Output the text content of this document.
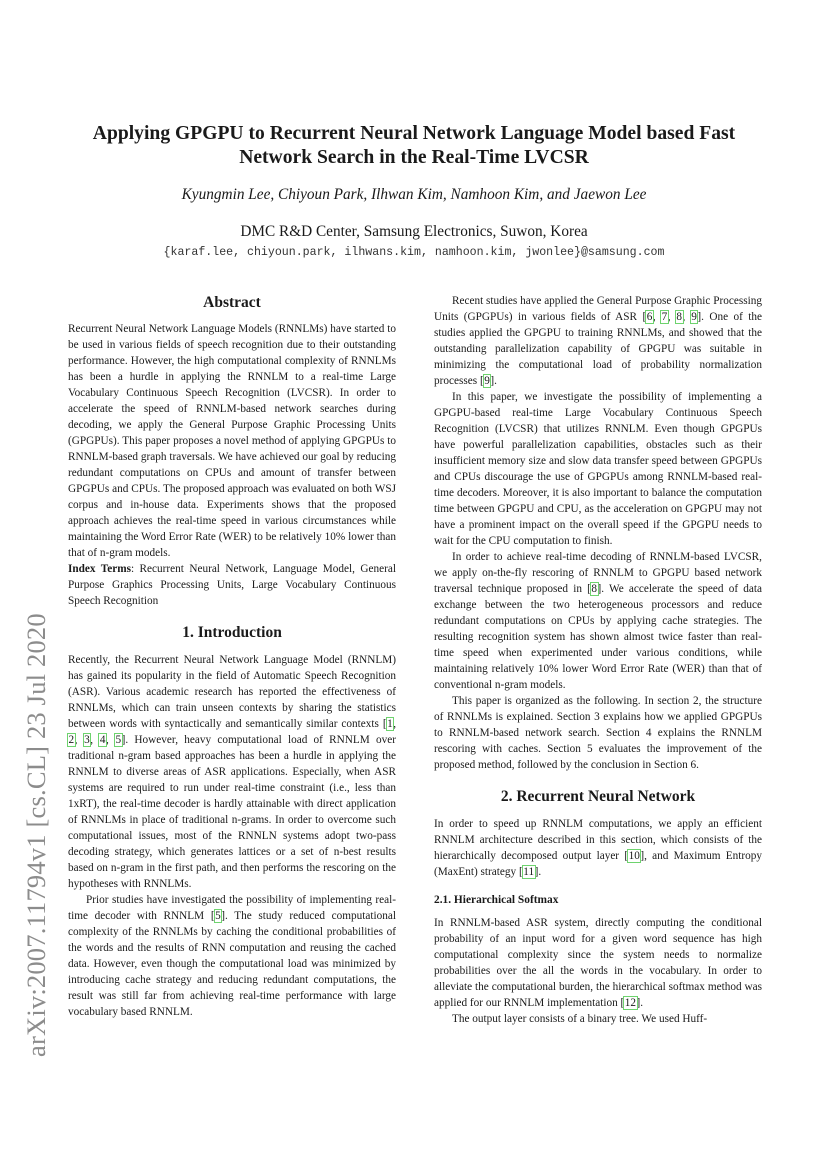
arXiv:2007.11794v1 [cs.CL] 23 Jul 2020
Applying GPGPU to Recurrent Neural Network Language Model based Fast Network Search in the Real-Time LVCSR

Kyungmin Lee, Chiyoun Park, Ilhwan Kim, Namhoon Kim, and Jaewon Lee

DMC R&D Center, Samsung Electronics, Suwon, Korea

{karaf.lee, chiyoun.park, ilhwans.kim, namhoon.kim, jwonlee}@samsung.com

Abstract

Recurrent Neural Network Language Models (RNNLMs) have started to be used in various fields of speech recognition due to their outstanding performance. However, the high computational complexity of RNNLMs has been a hurdle in applying the RNNLM to a real-time Large Vocabulary Continuous Speech Recognition (LVCSR). In order to accelerate the speed of RNNLM-based network searches during decoding, we apply the General Purpose Graphic Processing Units (GPGPUs). This paper proposes a novel method of applying GPGPUs to RNNLM-based graph traversals. We have achieved our goal by reducing redundant computations on CPUs and amount of transfer between GPGPUs and CPUs. The proposed approach was evaluated on both WSJ corpus and in-house data. Experiments shows that the proposed approach achieves the real-time speed in various circumstances while maintaining the Word Error Rate (WER) to be relatively 10% lower than that of n-gram models.

Index Terms: Recurrent Neural Network, Language Model, General Purpose Graphics Processing Units, Large Vocabulary Continuous Speech Recognition

1. Introduction

Recently, the Recurrent Neural Network Language Model (RNNLM) has gained its popularity in the field of Automatic Speech Recognition (ASR). Various academic research has reported the effectiveness of RNNLMs, which can train unseen contexts by sharing the statistics between words with syntactically and semantically similar contexts [1, 2, 3, 4, 5]. However, heavy computational load of RNNLM over traditional n-gram based approaches has been a hurdle in applying the RNNLM to diverse areas of ASR applications. Especially, when ASR systems are required to run under real-time constraint (i.e., less than 1xRT), the real-time decoder is hardly attainable with direct application of RNNLMs in place of traditional n-grams. In order to overcome such computational issues, most of the RNNLN systems adopt two-pass decoding strategy, which generates lattices or a set of n-best results based on n-gram in the first path, and then performs the rescoring on the hypotheses with RNNLMs.

Prior studies have investigated the possibility of implementing real-time decoder with RNNLM [5]. The study reduced computational complexity of the RNNLMs by caching the conditional probabilities of the words and the results of RNN computation and reusing the cached data. However, even though the computational load was minimized by introducing cache strategy and reducing redundant computations, the result was still far from achieving real-time performance with large vocabulary based RNNLM.

Recent studies have applied the General Purpose Graphic Processing Units (GPGPUs) in various fields of ASR [6, 7, 8, 9]. One of the studies applied the GPGPU to training RNNLMs, and showed that the outstanding parallelization capability of GPGPU was suitable in minimizing the computational load of probability normalization processes [9].

In this paper, we investigate the possibility of implementing a GPGPU-based real-time Large Vocabulary Continuous Speech Recognition (LVCSR) that utilizes RNNLM. Even though GPGPUs have powerful parallelization capabilities, obstacles such as their insufficient memory size and slow data transfer speed between GPGPUs and CPUs discourage the use of GPGPUs among RNNLM-based real-time decoders. Moreover, it is also important to balance the computation time between GPGPU and CPU, as the acceleration on GPGPU may not have a prominent impact on the overall speed if the GPGPU needs to wait for the CPU computation to finish.

In order to achieve real-time decoding of RNNLM-based LVCSR, we apply on-the-fly rescoring of RNNLM to GPGPU based network traversal technique proposed in [8]. We accelerate the speed of data exchange between the two heterogeneous processors and reduce redundant computations on CPUs by applying cache strategies. The resulting recognition system has shown almost twice faster than real-time speed when experimented under various conditions, while maintaining relatively 10% lower Word Error Rate (WER) than that of conventional n-gram models.

This paper is organized as the following. In section 2, the structure of RNNLMs is explained. Section 3 explains how we applied GPGPUs to RNNLM-based network search. Section 4 explains the RNNLM rescoring with caches. Section 5 evaluates the improvement of the proposed method, followed by the conclusion in Section 6.

2. Recurrent Neural Network

In order to speed up RNNLM computations, we apply an efficient RNNLM architecture described in this section, which consists of the hierarchically decomposed output layer [10], and Maximum Entropy (MaxEnt) strategy [11].

2.1. Hierarchical Softmax

In RNNLM-based ASR system, directly computing the conditional probability of an input word for a given word sequence has high computational complexity since the system needs to normalize probabilities over the all the words in the vocabulary. In order to alleviate the computational burden, the hierarchical softmax method was applied for our RNNLM implementation [12].

The output layer consists of a binary tree. We used Huff-
